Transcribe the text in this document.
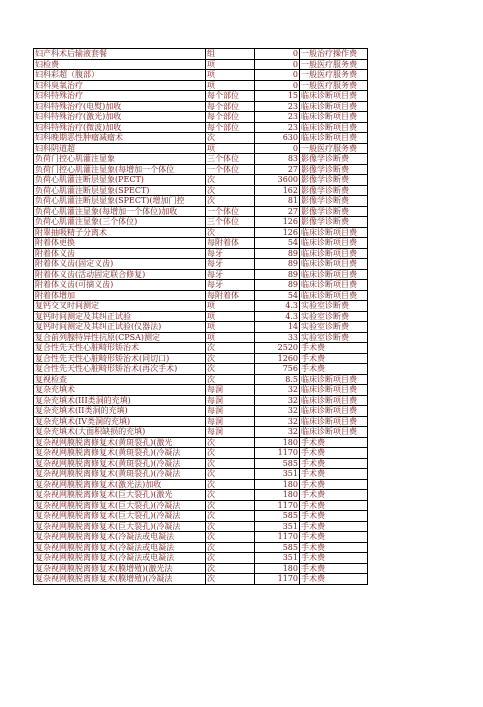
妇产科术后输液套餐	组	0	一般治疗操作费
妇检费	项	0	一般医疗服务费
妇科彩超（腹部）	项	0	一般医疗服务费
妇科臭氧治疗	项	0	一般医疗服务费
妇科特殊治疗	每个部位	15	临床诊断项目费
妇科特殊治疗(电熨)加收	每个部位	23	临床诊断项目费
妇科特殊治疗(激光)加收	每个部位	23	临床诊断项目费
妇科特殊治疗(微波)加收	每个部位	23	临床诊断项目费
妇科晚期恶性肿瘤减瘤术	次	630	临床诊断项目费
妇科阴道超	项	0	一般医疗服务费
负荷门控心肌灌注显象	三个体位	83	影像学诊断费
负荷门控心肌灌注显象(每增加一个体位	一个体位	27	影像学诊断费
负荷心肌灌注断层显象(PECT)	次	3600	影像学诊断费
负荷心肌灌注断层显象(SPECT)	次	162	影像学诊断费
负荷心肌灌注断层显象(SPECT)(增加门控	次	81	影像学诊断费
负荷心肌灌注显象(每增加一个体位)加收	一个体位	27	影像学诊断费
负荷心肌灌注显象(三个体位)	三个体位	126	影像学诊断费
附睾抽吸精子分离术	次	126	临床诊断项目费
附着体更换	每附着体	54	临床诊断项目费
附着体义齿	每牙	89	临床诊断项目费
附着体义齿(固定义齿)	每牙	89	临床诊断项目费
附着体义齿(活动固定联合修复)	每牙	89	临床诊断项目费
附着体义齿(可摘义齿)	每牙	89	临床诊断项目费
附着体增加	每附着体	54	临床诊断项目费
复钙交叉时间测定	项	4.3	实验室诊断费
复钙时间测定及其纠正试验	项	4.3	实验室诊断费
复钙时间测定及其纠正试验(仪器法)	项	14	实验室诊断费
复合前列腺特异性抗原(CPSA)测定	项	33	实验室诊断费
复合性先天性心脏畸形矫治术	次	2520	手术费
复合性先天性心脏畸形矫治术(同切口)	次	1260	手术费
复合性先天性心脏畸形矫治术(再次手术)	次	756	手术费
复视检查	次	8.5	临床诊断项目费
复杂充填术	每洞	32	临床诊断项目费
复杂充填术(III类洞的充填)	每洞	32	临床诊断项目费
复杂充填术(II类洞的充填)	每洞	32	临床诊断项目费
复杂充填术(IV类洞的充填)	每洞	32	临床诊断项目费
复杂充填术(大面积缺损的充填)	每洞	32	临床诊断项目费
复杂视网膜脱离修复术(黄斑裂孔)(激光	次	180	手术费
复杂视网膜脱离修复术(黄斑裂孔)(冷凝法	次	1170	手术费
复杂视网膜脱离修复术(黄斑裂孔)(冷凝法	次	585	手术费
复杂视网膜脱离修复术(黄斑裂孔)(冷凝法	次	351	手术费
复杂视网膜脱离修复术(激光法)加收	次	180	手术费
复杂视网膜脱离修复术(巨大裂孔)(激光	次	180	手术费
复杂视网膜脱离修复术(巨大裂孔)(冷凝法	次	1170	手术费
复杂视网膜脱离修复术(巨大裂孔)(冷凝法	次	585	手术费
复杂视网膜脱离修复术(巨大裂孔)(冷凝法	次	351	手术费
复杂视网膜脱离修复术(冷凝法或电凝法	次	1170	手术费
复杂视网膜脱离修复术(冷凝法或电凝法	次	585	手术费
复杂视网膜脱离修复术(冷凝法或电凝法	次	351	手术费
复杂视网膜脱离修复术(膜增殖)(激光法	次	180	手术费
复杂视网膜脱离修复术(膜增殖)(冷凝法	次	1170	手术费
